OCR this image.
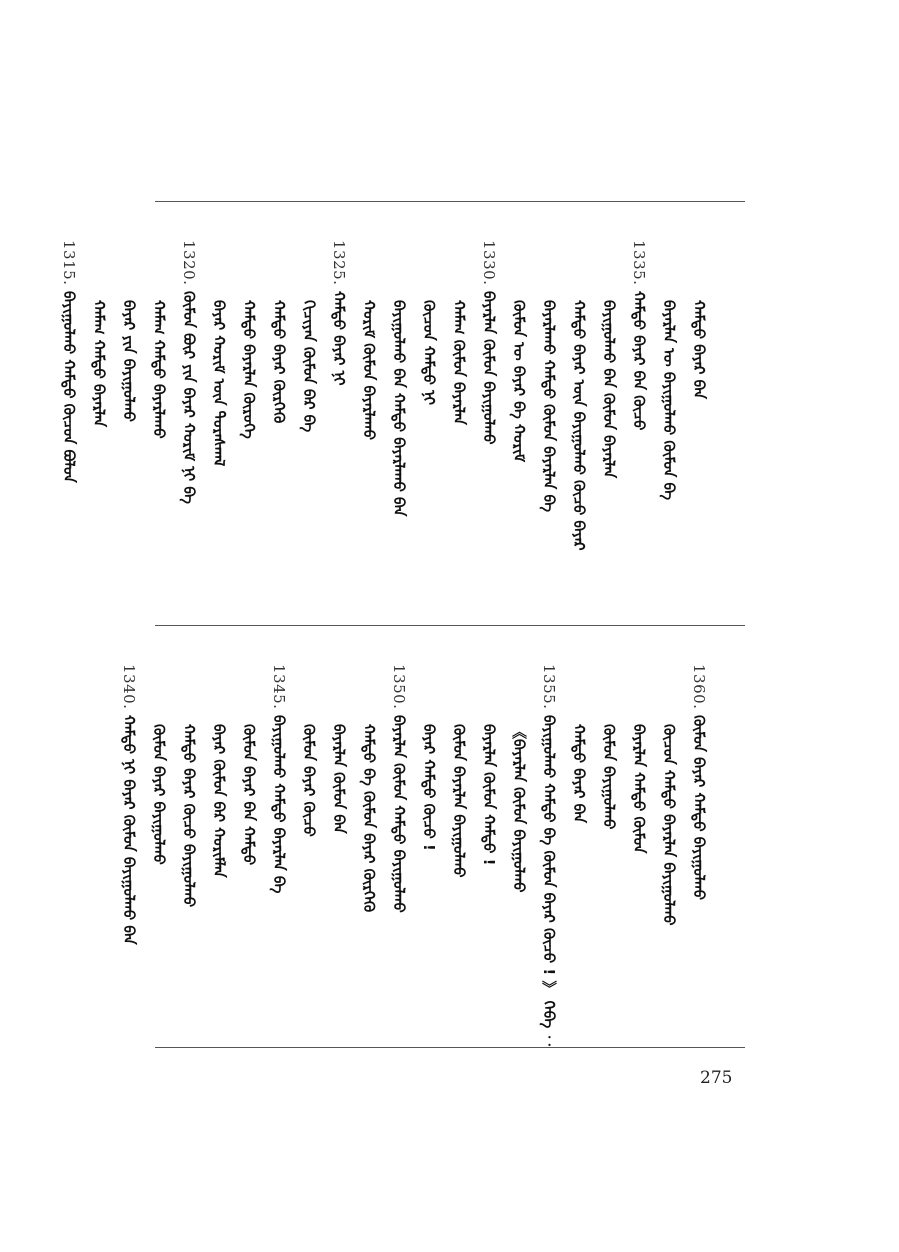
1315.
ᠪᠠᠶᠢᠭᠤᠯᠬᠤ ᠬᠠᠮᠲᠤ ᠬᠦᠴᠦᠨ ᠪᠣᠯᠣᠨ ᠬᠠᠮᠠᠭ ᠬᠠᠮᠲᠤ ᠪᠠᠶᠠᠷᠯᠠᠨ ᠪᠠᠶᠠᠷ ᠶᠢᠨ ᠪᠠᠶᠢᠭᠤᠯᠬᠤ ᠬᠠᠮᠠᠭ ᠬᠠᠮᠲᠤ ᠪᠠᠶᠠᠷᠯᠠᠬᠤ
1320.
ᠬᠦᠮᠦᠨ ᠪᠦᠷ ᠶᠢᠨ ᠪᠠᠶᠠᠷ ᠬᠤᠷᠢᠮ ᠨᠢ ᠪᠠ ᠪᠠᠶᠠᠷ ᠬᠤᠷᠢᠮ ᠦᠨ ᠳᠤᠷᠠᠰᠬᠠᠯ ᠬᠠᠮᠲᠤ ᠪᠠᠶᠠᠷᠯᠠᠨ ᠬᠦᠷᠦᠭᠡ ᠬᠠᠮᠲᠤ ᠪᠠᠶᠠᠷ ᠬᠦᠷᠭᠡᠬᠦ ᠬᠢᠴᠢᠶᠡᠨ ᠬᠦᠮᠦᠨ ᠪᠠᠷ ᠪᠠ
1325.
ᠬᠠᠮᠲᠤ ᠪᠠᠶᠠᠷ ᠨᠢ ᠬᠤᠷᠢᠮ ᠬᠦᠮᠦᠨ ᠪᠠᠶᠠᠷᠯᠠᠬᠤ ᠪᠠᠶᠢᠭᠤᠯᠬᠤ ᠪᠠᠨ ᠬᠠᠮᠲᠤ ᠪᠠᠶᠠᠷᠯᠠᠬᠤ ᠪᠠᠨ ᠬᠦᠴᠦᠨ ᠬᠠᠮᠲᠤ ᠨᠢ ᠬᠠᠮᠠᠭ ᠬᠦᠮᠦᠨ ᠪᠠᠶᠠᠷᠯᠠᠨ
1330.
ᠪᠠᠶᠠᠷᠯᠠᠨ ᠬᠦᠮᠦᠨ ᠪᠠᠶᠢᠭᠤᠯᠬᠤ ᠬᠦᠮᠦᠨ ᠦ ᠪᠠᠶᠠᠷ ᠪᠠ ᠬᠤᠷᠢᠮ ᠪᠠᠶᠠᠷᠯᠠᠬᠤ ᠬᠠᠮᠲᠤ ᠬᠦᠮᠦᠨ ᠪᠠᠶᠠᠷᠯᠠᠨ ᠪᠠ ᠬᠠᠮᠲᠤ ᠪᠠᠶᠠᠷ ᠦᠨ ᠪᠠᠶᠢᠭᠤᠯᠬᠤ ᠬᠦᠴᠦ ᠪᠠᠶᠠᠷ ᠪᠠᠶᠢᠭᠤᠯᠬᠤ ᠪᠠᠨ ᠬᠦᠮᠦᠨ ᠪᠠᠶᠠᠷᠯᠠᠨ
1335.
ᠬᠠᠮᠲᠤ ᠪᠠᠶᠠᠷ ᠪᠠᠨ ᠬᠦᠴᠦ ᠪᠠᠶᠠᠷᠯᠠᠨ ᠦ ᠪᠠᠶᠢᠭᠤᠯᠬᠤ ᠬᠦᠮᠦᠨ ᠪᠠ ᠬᠠᠮᠲᠤ ᠪᠠᠶᠠᠷ ᠪᠠᠨ
1340.
ᠬᠠᠮᠲᠤ ᠨᠢ ᠪᠠᠶᠠᠷ ᠬᠦᠮᠦᠨ ᠪᠠᠶᠢᠭᠤᠯᠬᠤ ᠪᠠᠨ ᠬᠦᠮᠦᠨ ᠪᠠᠶᠠᠷ ᠪᠠᠶᠢᠭᠤᠯᠬᠤ ᠬᠠᠮᠲᠤ ᠪᠠᠶᠠᠷ ᠬᠦᠴᠦ ᠪᠠᠶᠢᠭᠤᠯᠬᠤ ᠪᠠᠶᠠᠷ ᠬᠦᠮᠦᠨ ᠪᠠᠷ ᠬᠤᠷᠢᠮᠯᠠᠨ ᠬᠦᠮᠦᠨ ᠪᠠᠶᠠᠷ ᠪᠠᠨ ᠬᠠᠮᠲᠤ
1345.
ᠪᠠᠶᠢᠭᠤᠯᠬᠤ ᠬᠠᠮᠲᠤ ᠪᠠᠶᠠᠷᠯᠠᠨ ᠪᠠ ᠬᠦᠮᠦᠨ ᠪᠠᠶᠠᠷ ᠬᠦᠴᠦ ᠪᠠᠶᠠᠷᠯᠠᠨ ᠬᠦᠮᠦᠨ ᠪᠠᠨ ᠬᠠᠮᠲᠤ ᠪᠠ ᠬᠦᠮᠦᠨ ᠪᠠᠶᠠᠷ ᠬᠦᠷᠭᠡᠬᠦ
1350.
ᠪᠠᠶᠠᠷᠯᠠᠨ ᠬᠦᠮᠦᠨ ᠬᠠᠮᠲᠤ ᠪᠠᠶᠢᠭᠤᠯᠬᠤ ᠪᠠᠶᠠᠷ ᠬᠠᠮᠲᠤ ᠬᠦᠴᠦ ! ᠬᠦᠮᠦᠨ ᠪᠠᠶᠠᠷᠯᠠᠨ ᠪᠠᠶᠢᠭᠤᠯᠬᠤ ᠪᠠᠶᠠᠷᠯᠠᠨ ᠬᠦᠮᠦᠨ ᠬᠠᠮᠲᠤ ! 《ᠪᠠᠶᠠᠷᠯᠠᠨ ᠬᠦᠮᠦᠨ ᠪᠠᠶᠢᠭᠤᠯᠬᠤ
1355.
ᠪᠠᠶᠢᠭᠤᠯᠬᠤ ᠬᠠᠮᠲᠤ ᠪᠠ ᠬᠦᠮᠦᠨ ᠪᠠᠶᠠᠷ ᠬᠦᠴᠦ ! 》 ᠬᠡᠪᠡ ︰ ᠬᠠᠮᠲᠤ ᠪᠠᠶᠠᠷ ᠪᠠᠨ ᠬᠦᠮᠦᠨ ᠪᠠᠶᠢᠭᠤᠯᠬᠤ ᠪᠠᠶᠠᠷᠯᠠᠨ ᠬᠠᠮᠲᠤ ᠬᠦᠮᠦᠨ ᠬᠦᠴᠦᠨ ᠬᠠᠮᠲᠤ ᠪᠠᠶᠠᠷᠯᠠᠨ ᠪᠠᠶᠢᠭᠤᠯᠬᠤ
1360.
ᠬᠦᠮᠦᠨ ᠪᠠᠶᠠᠷ ᠬᠠᠮᠲᠤ ᠪᠠᠶᠢᠭᠤᠯᠬᠤ
275
